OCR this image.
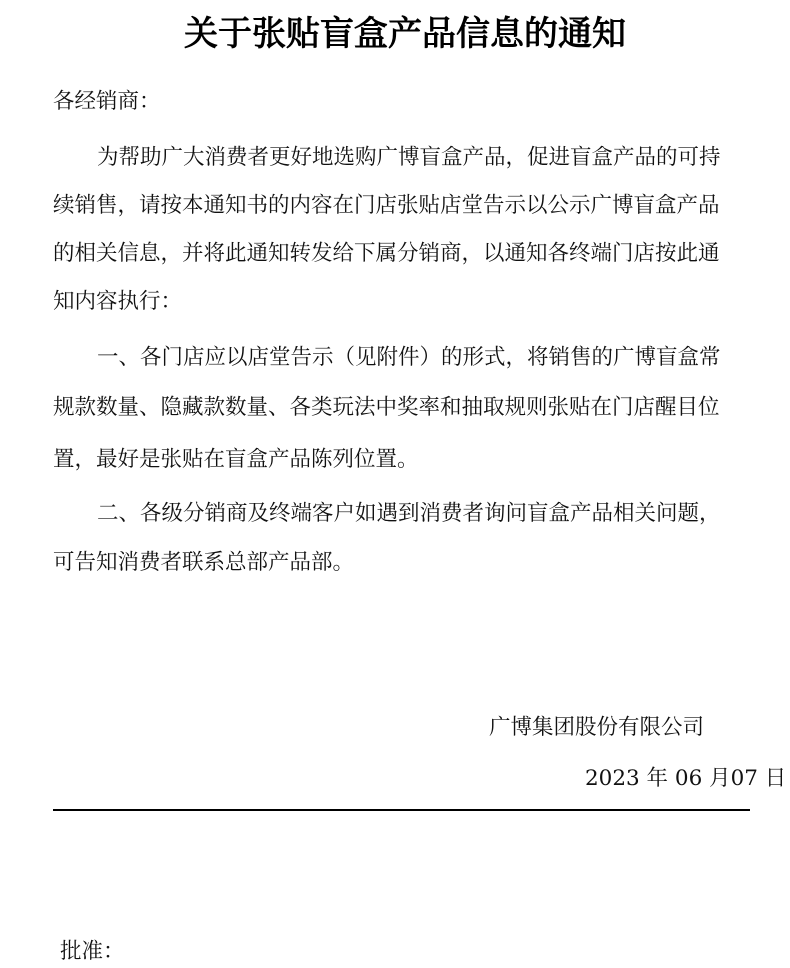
关于张贴盲盒产品信息的通知
各经销商：
为帮助广大消费者更好地选购广博盲盒产品，促进盲盒产品的可持
续销售，请按本通知书的内容在门店张贴店堂告示以公示广博盲盒产品
的相关信息，并将此通知转发给下属分销商，以通知各终端门店按此通
知内容执行：
一、各门店应以店堂告示（见附件）的形式，将销售的广博盲盒常
规款数量、隐藏款数量、各类玩法中奖率和抽取规则张贴在门店醒目位
置，最好是张贴在盲盒产品陈列位置。
二、各级分销商及终端客户如遇到消费者询问盲盒产品相关问题，
可告知消费者联系总部产品部。
广博集团股份有限公司
2023 年 06 月07 日
批准：
